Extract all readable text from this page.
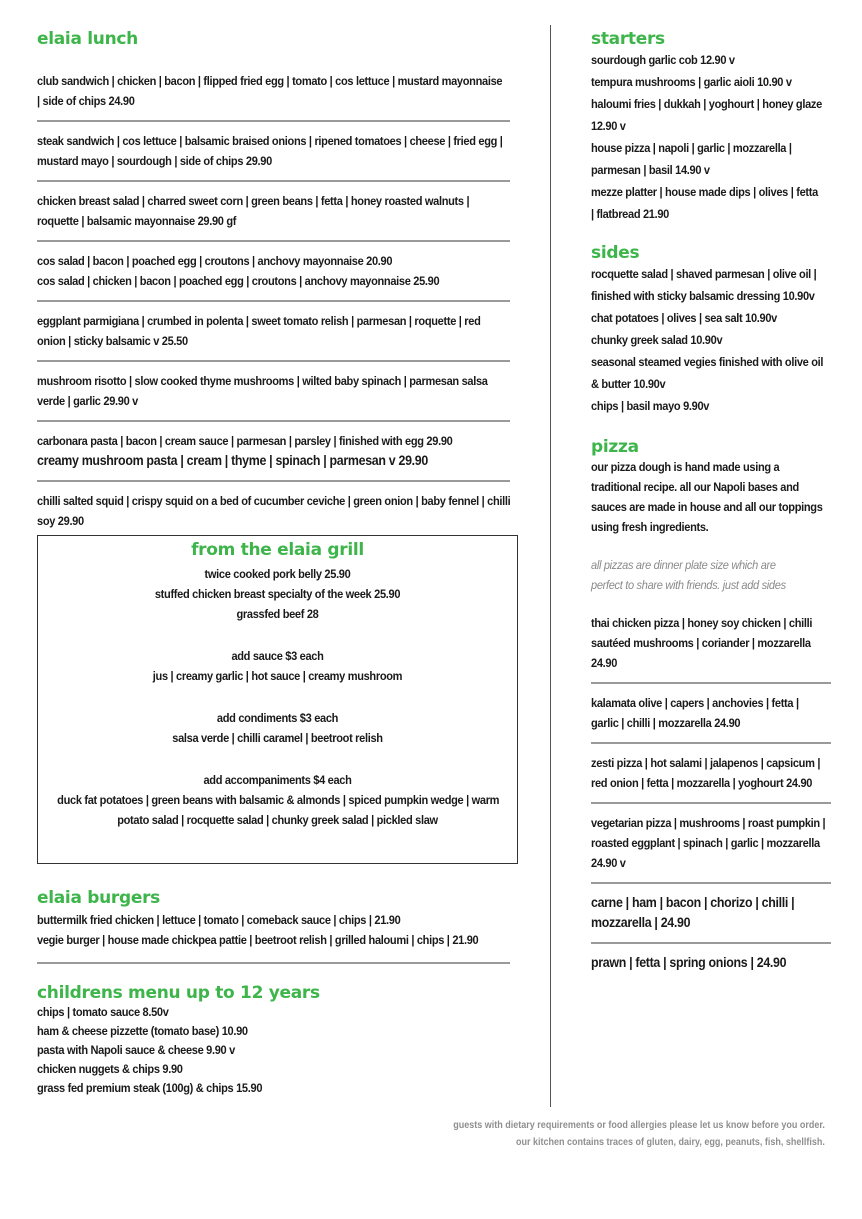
elaia lunch
club sandwich | chicken | bacon | flipped fried egg | tomato | cos lettuce | mustard mayonnaise
| side of chips 24.90
steak sandwich | cos lettuce | balsamic braised onions | ripened tomatoes | cheese | fried egg |
mustard mayo | sourdough | side of chips 29.90
chicken breast salad | charred sweet corn | green beans | fetta | honey roasted walnuts |
roquette | balsamic mayonnaise 29.90 gf
cos salad | bacon | poached egg | croutons | anchovy mayonnaise 20.90
cos salad | chicken | bacon | poached egg | croutons | anchovy mayonnaise 25.90
eggplant parmigiana | crumbed in polenta | sweet tomato relish | parmesan | roquette | red
onion | sticky balsamic v 25.50
mushroom risotto | slow cooked thyme mushrooms | wilted baby spinach | parmesan salsa
verde | garlic 29.90 v
carbonara pasta | bacon | cream sauce | parmesan | parsley | finished with egg 29.90
creamy mushroom pasta | cream | thyme | spinach | parmesan v 29.90
chilli salted squid | crispy squid on a bed of cucumber ceviche | green onion | baby fennel | chilli
soy 29.90
from the elaia grill
twice cooked pork belly 25.90
stuffed chicken breast specialty of the week 25.90
grassfed beef 28
add sauce $3 each
jus | creamy garlic | hot sauce | creamy mushroom
add condiments $3 each
salsa verde | chilli caramel | beetroot relish
add accompaniments $4 each
duck fat potatoes | green beans with balsamic & almonds | spiced pumpkin wedge | warm
potato salad | rocquette salad | chunky greek salad | pickled slaw
elaia burgers
buttermilk fried chicken | lettuce | tomato | comeback sauce | chips | 21.90
vegie burger | house made chickpea pattie | beetroot relish | grilled haloumi | chips | 21.90
childrens menu up to 12 years
chips | tomato sauce 8.50v
ham & cheese pizzette (tomato base) 10.90
pasta with Napoli sauce & cheese 9.90 v
chicken nuggets & chips 9.90
grass fed premium steak (100g) & chips 15.90
starters
sourdough garlic cob 12.90 v
tempura mushrooms | garlic aioli 10.90 v
haloumi fries | dukkah | yoghourt | honey glaze
12.90 v
house pizza | napoli | garlic | mozzarella |
parmesan | basil 14.90 v
mezze platter | house made dips | olives | fetta
| flatbread 21.90
sides
rocquette salad | shaved parmesan | olive oil |
finished with sticky balsamic dressing 10.90v
chat potatoes | olives | sea salt 10.90v
chunky greek salad 10.90v
seasonal steamed vegies finished with olive oil
& butter 10.90v
chips | basil mayo 9.90v
pizza
our pizza dough is hand made using a
traditional recipe. all our Napoli bases and
sauces are made in house and all our toppings
using fresh ingredients.
all pizzas are dinner plate size which are
perfect to share with friends. just add sides
thai chicken pizza | honey soy chicken | chilli
sautéed mushrooms | coriander | mozzarella
24.90
kalamata olive | capers | anchovies | fetta |
garlic | chilli | mozzarella 24.90
zesti pizza | hot salami | jalapenos | capsicum |
red onion | fetta | mozzarella | yoghourt 24.90
vegetarian pizza | mushrooms | roast pumpkin |
roasted eggplant | spinach | garlic | mozzarella
24.90 v
carne | ham | bacon | chorizo | chilli |
mozzarella | 24.90
prawn | fetta | spring onions | 24.90
guests with dietary requirements or food allergies please let us know before you order.
our kitchen contains traces of gluten, dairy, egg, peanuts, fish, shellfish.
